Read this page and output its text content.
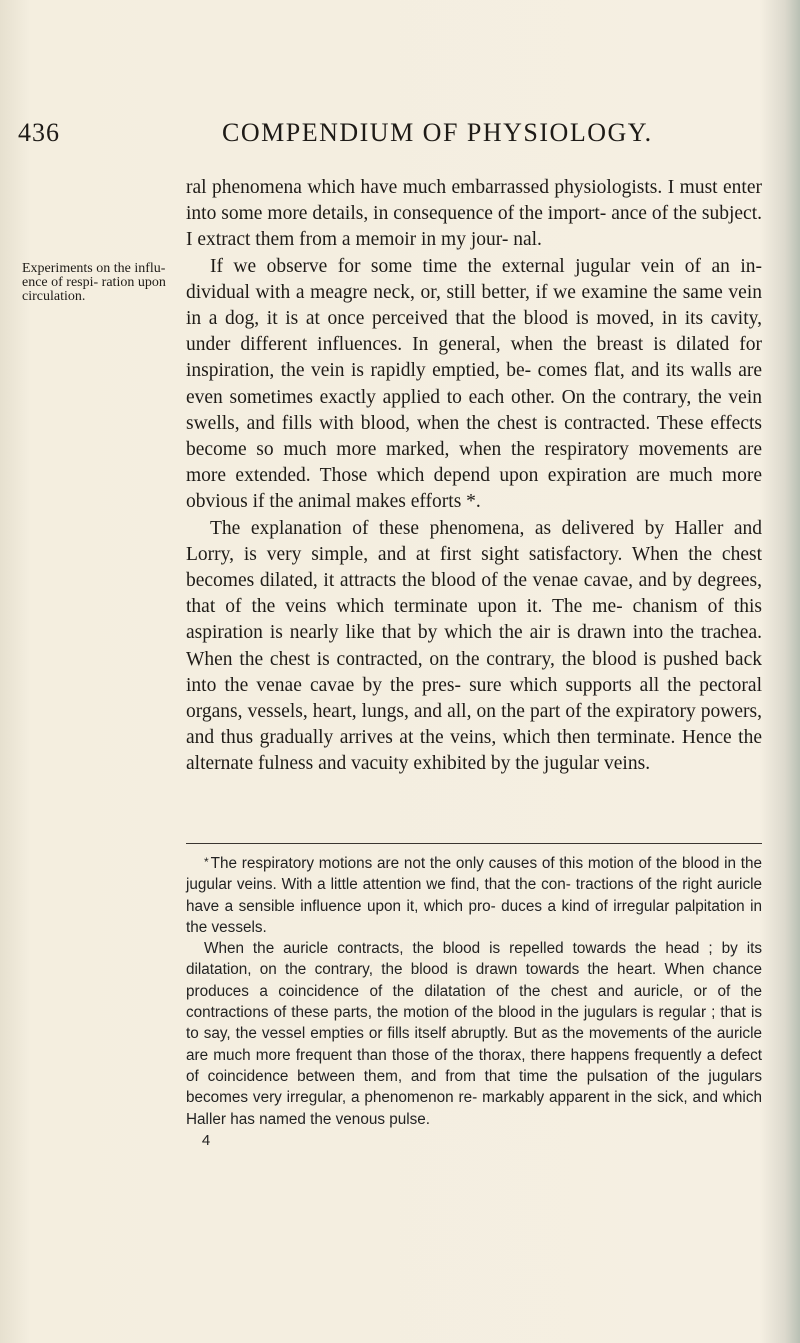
436	COMPENDIUM OF PHYSIOLOGY.
Experiments on the influ- ence of respi- ration upon circulation.

ral phenomena which have much embarrassed physiologists. I must enter into some more details, in consequence of the import- ance of the subject. I extract them from a memoir in my jour- nal.

If we observe for some time the external jugular vein of an in- dividual with a meagre neck, or, still better, if we examine the same vein in a dog, it is at once perceived that the blood is moved, in its cavity, under different influences. In general, when the breast is dilated for inspiration, the vein is rapidly emptied, be- comes flat, and its walls are even sometimes exactly applied to each other. On the contrary, the vein swells, and fills with blood, when the chest is contracted. These effects become so much more marked, when the respiratory movements are more extended. Those which depend upon expiration are much more obvious if the animal makes efforts *.

The explanation of these phenomena, as delivered by Haller and Lorry, is very simple, and at first sight satisfactory. When the chest becomes dilated, it attracts the blood of the venae cavae, and by degrees, that of the veins which terminate upon it. The me- chanism of this aspiration is nearly like that by which the air is drawn into the trachea. When the chest is contracted, on the contrary, the blood is pushed back into the venae cavae by the pres- sure which supports all the pectoral organs, vessels, heart, lungs, and all, on the part of the expiratory powers, and thus gradually arrives at the veins, which then terminate. Hence the alternate fulness and vacuity exhibited by the jugular veins.

* The respiratory motions are not the only causes of this motion of the blood in the jugular veins. With a little attention we find, that the con- tractions of the right auricle have a sensible influence upon it, which pro- duces a kind of irregular palpitation in the vessels.

When the auricle contracts, the blood is repelled towards the head ; by its dilatation, on the contrary, the blood is drawn towards the heart. When chance produces a coincidence of the dilatation of the chest and auricle, or of the contractions of these parts, the motion of the blood in the jugulars is regular ; that is to say, the vessel empties or fills itself abruptly. But as the movements of the auricle are much more frequent than those of the thorax, there happens frequently a defect of coincidence between them, and from that time the pulsation of the jugulars becomes very irregular, a phenomenon re- markably apparent in the sick, and which Haller has named the venous pulse.

4
